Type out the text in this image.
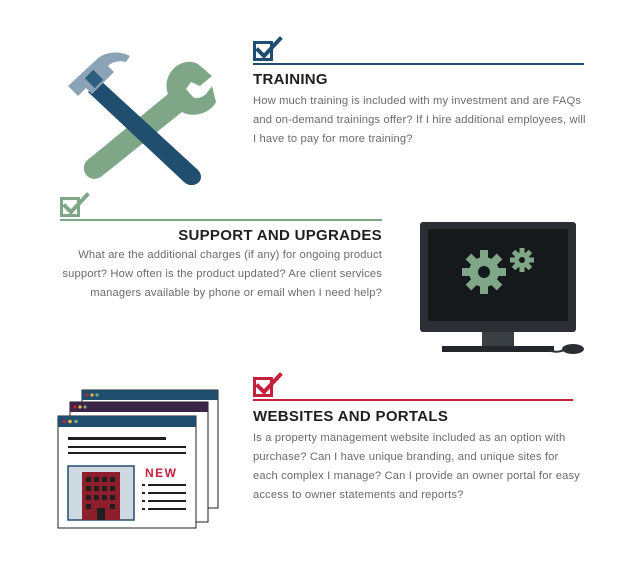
TRAINING
How much training is included with my investment and are FAQs and on-demand trainings offer? If I hire additional employees, will I have to pay for more training?
SUPPORT AND UPGRADES
What are the additional charges (if any) for ongoing product support? How often is the product updated? Are client services managers available by phone or email when I need help?
NEW
WEBSITES AND PORTALS
Is a property management website included as an option with purchase? Can I have unique branding, and unique sites for each complex I manage? Can I provide an owner portal for easy access to owner statements and reports?
